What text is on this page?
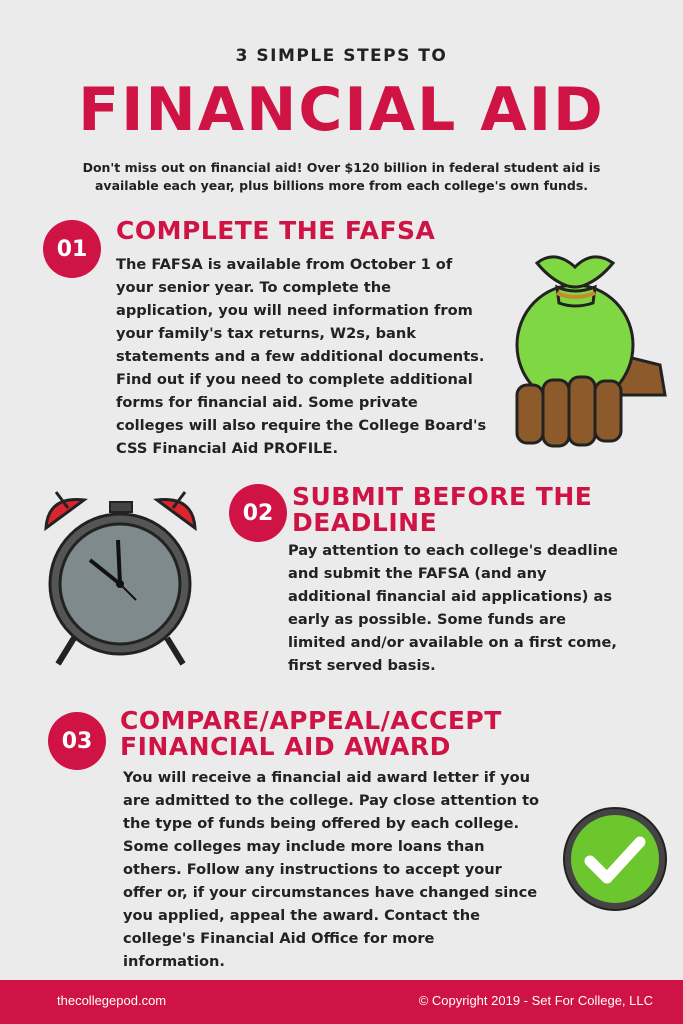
3 SIMPLE STEPS TO
FINANCIAL AID
Don't miss out on financial aid! Over $120 billion in federal student aid is
available each year, plus billions more from each college's own funds.
01
COMPLETE THE FAFSA
The FAFSA is available from October 1 of
your senior year. To complete the
application, you will need information from
your family's tax returns, W2s, bank
statements and a few additional documents.
Find out if you need to complete additional
forms for financial aid. Some private
colleges will also require the College Board's
CSS Financial Aid PROFILE.
02
SUBMIT BEFORE THE
DEADLINE
Pay attention to each college's deadline
and submit the FAFSA (and any
additional financial aid applications) as
early as possible. Some funds are
limited and/or available on a first come,
first served basis.
03
COMPARE/APPEAL/ACCEPT
FINANCIAL AID AWARD
You will receive a financial aid award letter if you
are admitted to the college. Pay close attention to
the type of funds being offered by each college.
Some colleges may include more loans than
others. Follow any instructions to accept your
offer or, if your circumstances have changed since
you applied, appeal the award. Contact the
college's Financial Aid Office for more
information.
thecollegepod.com	© Copyright 2019 - Set For College, LLC
